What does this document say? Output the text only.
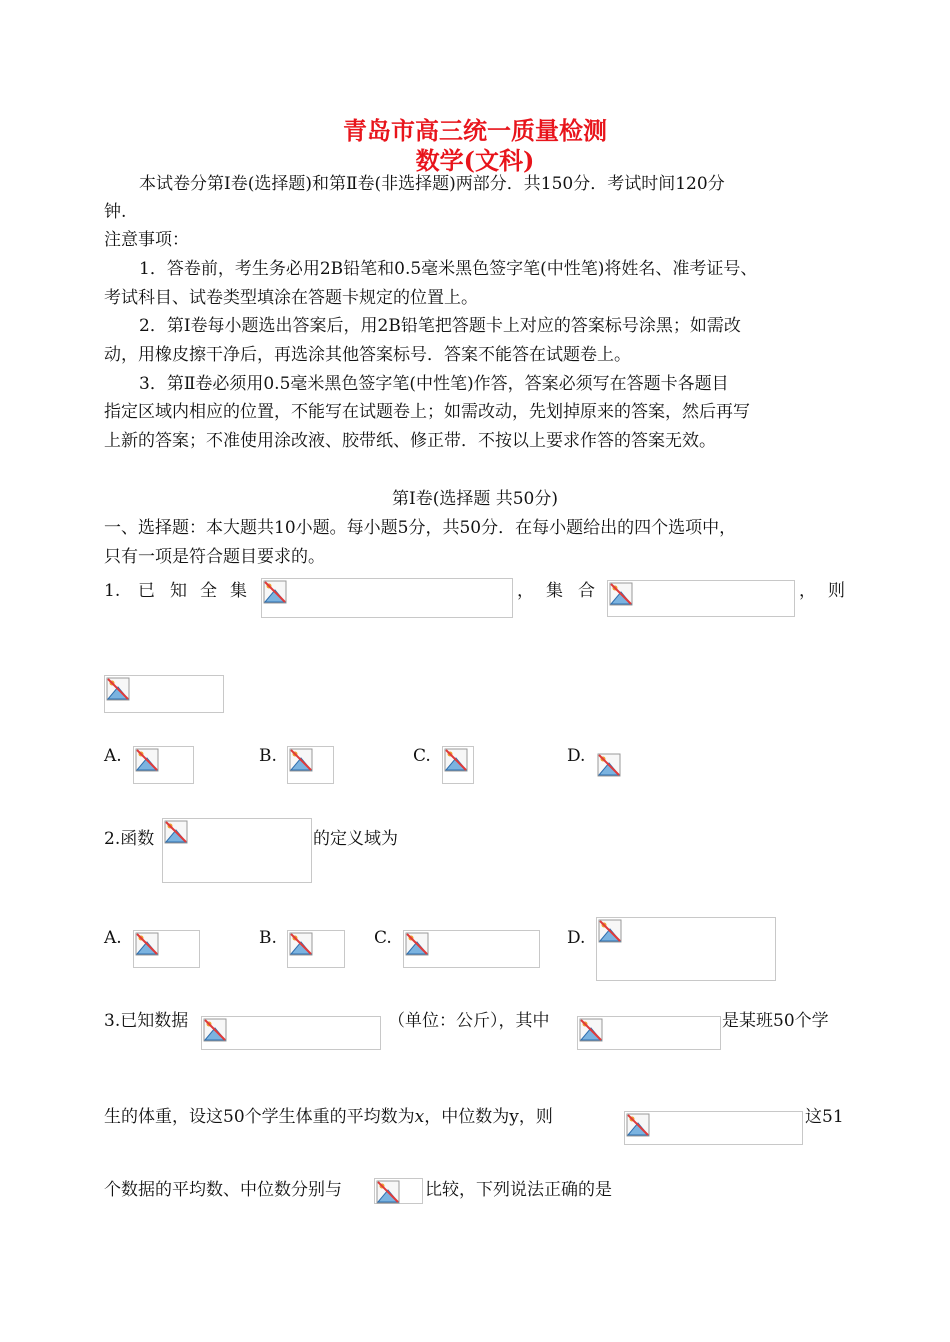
青岛市高三统一质量检测
数学(文科)
本试卷分第Ⅰ卷(选择题)和第Ⅱ卷(非选择题)两部分．共150分．考试时间120分
钟.
注意事项：
1．答卷前，考生务必用2B铅笔和0.5毫米黑色签字笔(中性笔)将姓名、准考证号、
考试科目、试卷类型填涂在答题卡规定的位置上。
2．第Ⅰ卷每小题选出答案后，用2B铅笔把答题卡上对应的答案标号涂黑；如需改
动，用橡皮擦干净后，再选涂其他答案标号．答案不能答在试题卷上。
3．第Ⅱ卷必须用0.5毫米黑色签字笔(中性笔)作答，答案必须写在答题卡各题目
指定区域内相应的位置，不能写在试题卷上；如需改动，先划掉原来的答案，然后再写
上新的答案；不准使用涂改液、胶带纸、修正带．不按以上要求作答的答案无效。
第Ⅰ卷(选择题 共50分)
一、选择题：本大题共10小题。每小题5分，共50分．在每小题给出的四个选项中，
只有一项是符合题目要求的。
1. 已 知 全 集	， 集 合	， 则
A.	B.	C.	D.
2.函数	的定义域为
A.	B.	C.	D.
3.已知数据	（单位：公斤），其中	是某班50个学
生的体重，设这50个学生体重的平均数为x，中位数为y，则	这51
个数据的平均数、中位数分别与	比较，下列说法正确的是
